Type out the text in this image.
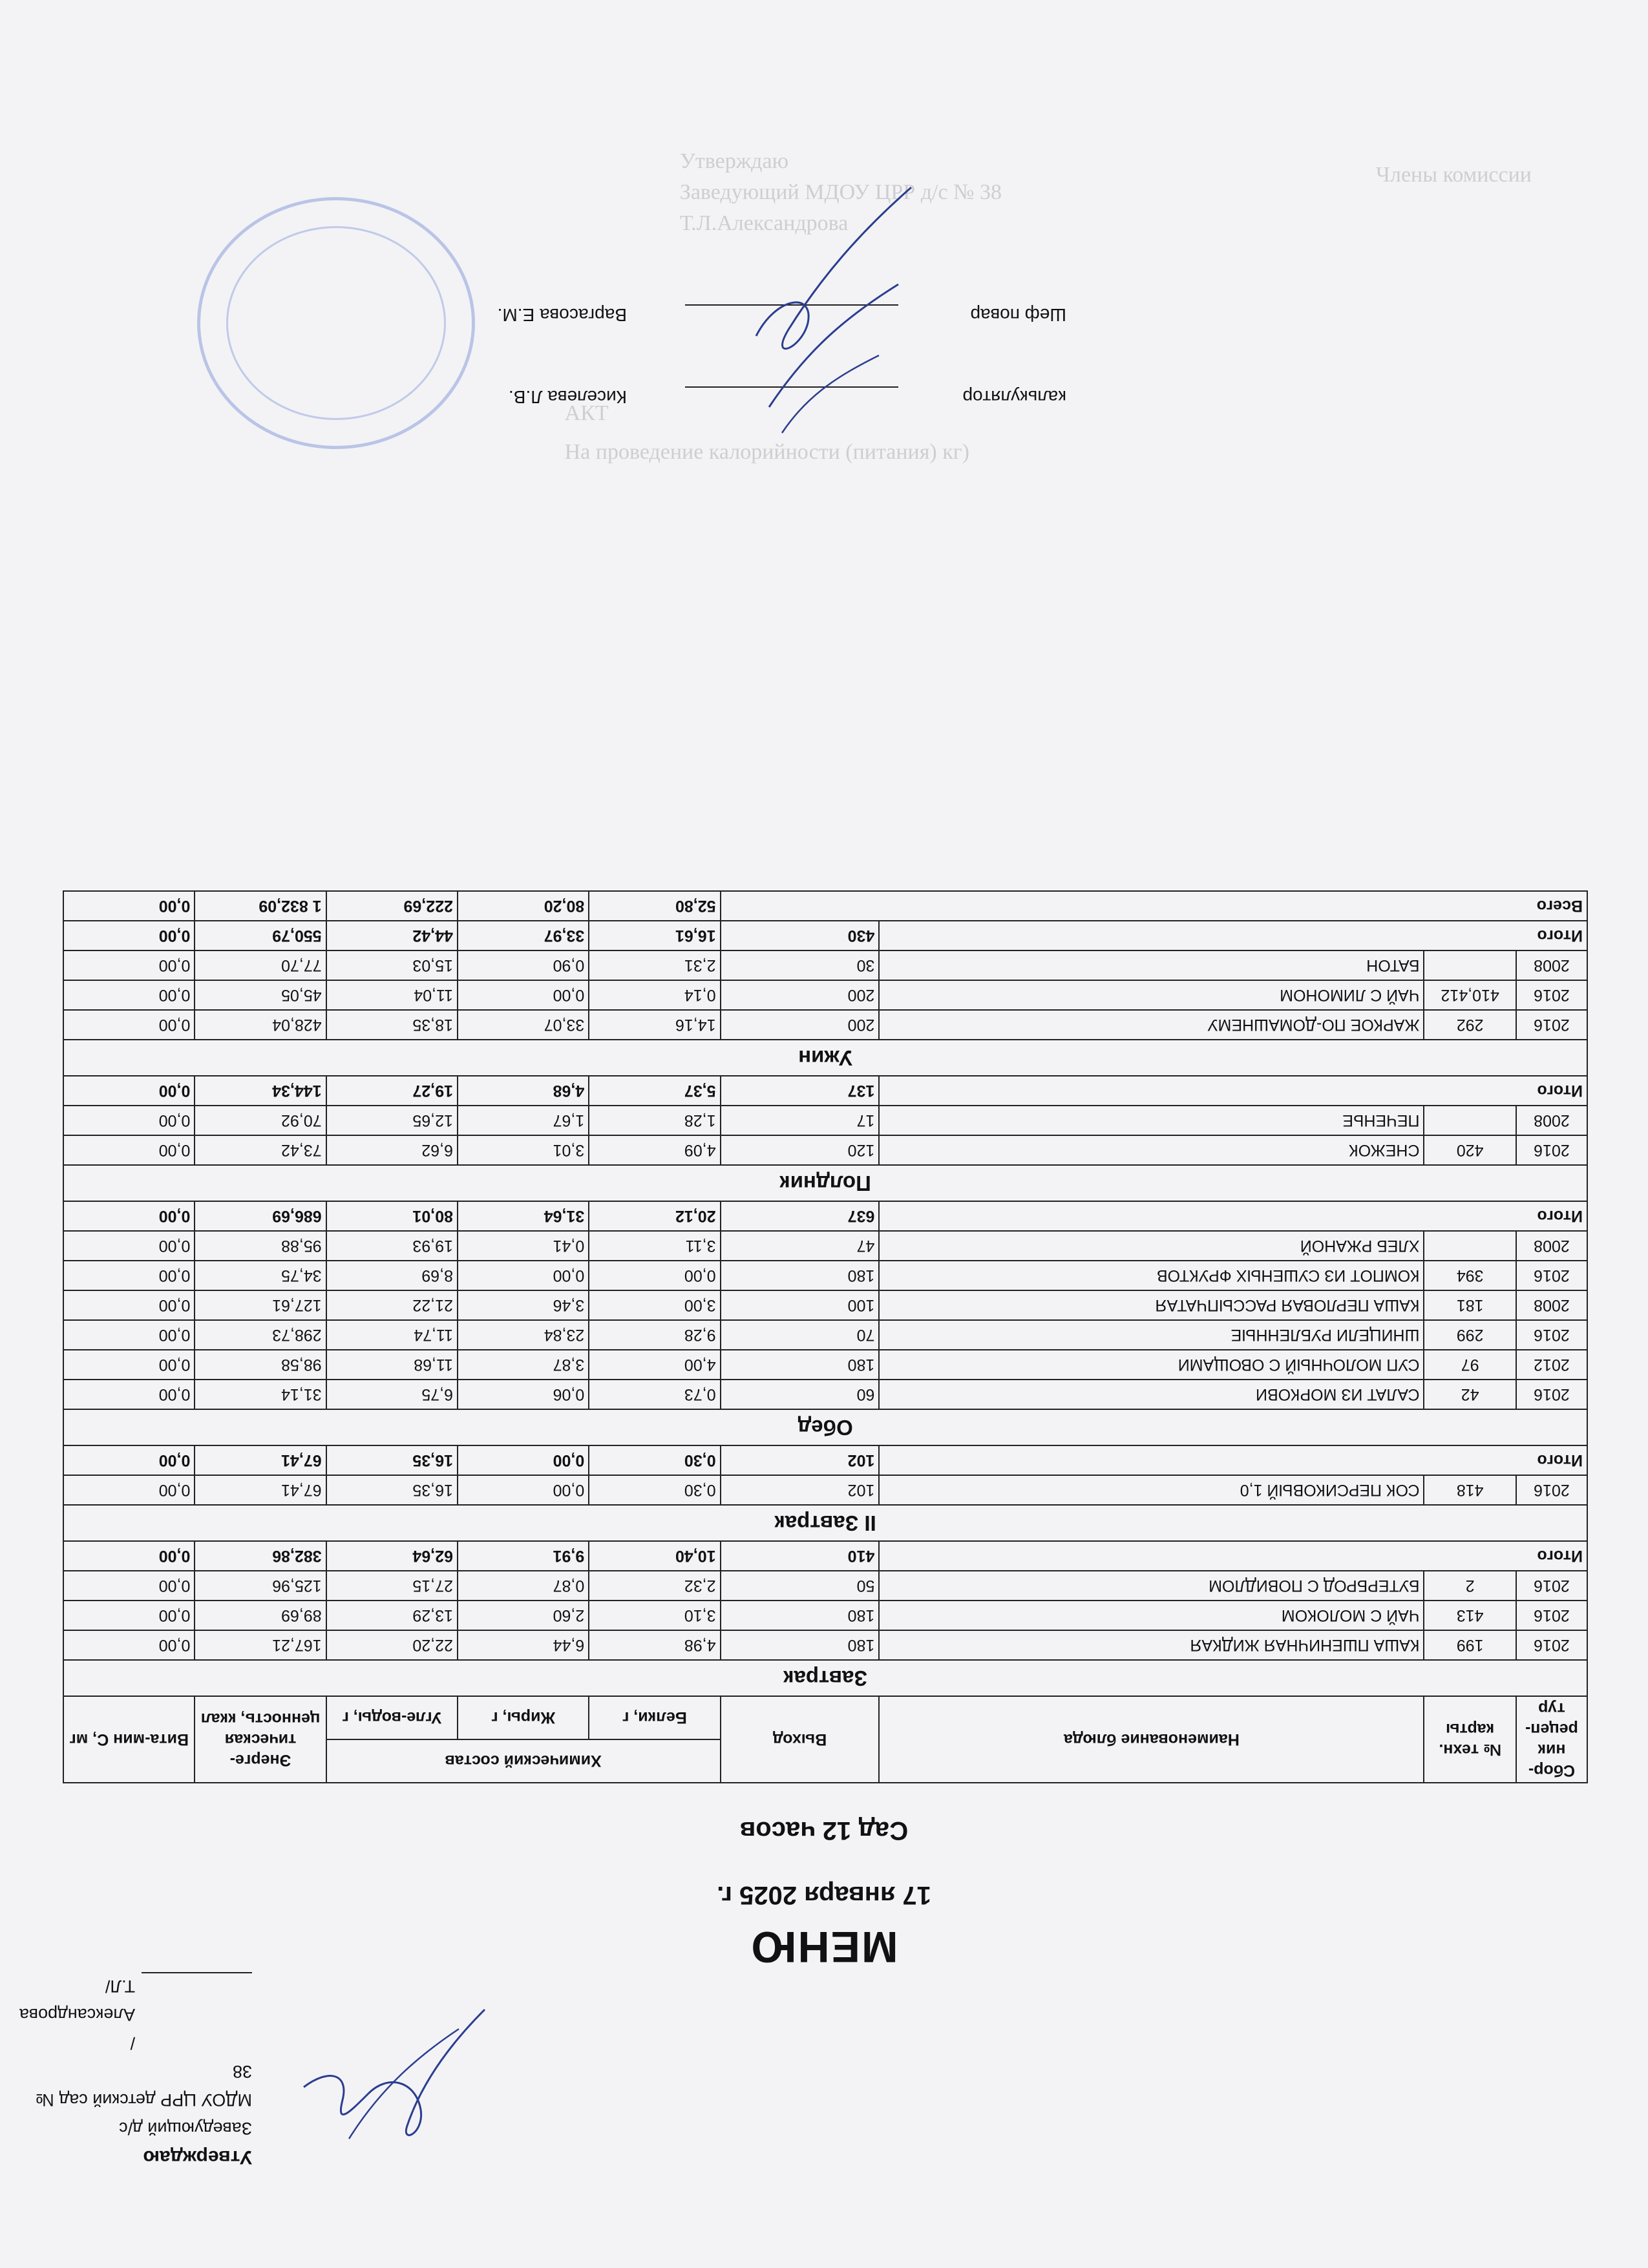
Члены комиссии
Утверждаю
Заведующий МДОУ ЦРР д/с № 38
Т.Л.Александрова
АКТ
На проведение калорийности (питания) кг)
Утверждаю
Заведующий д/с
МДОУ ЦРР детский сад № 38
/Александрова Т.Л/
МЕНЮ
17 января 2025 г.
Сад 12 часов
Сбор-ник рецеп-тур	№ техн. карты	Наименование блюда	Выход	Химический состав			Энерге-тическая ценность, ккал	Вита-мин С, мг
				Белки, г	Жиры, г	Угле-воды, г		
Завтрак								
2016	199	КАША ПШЕНИЧНАЯ ЖИДКАЯ	180	4,98	6,44	22,20	167,21	0,00
2016	413	ЧАЙ С МОЛОКОМ	180	3,10	2,60	13,29	89,69	0,00
2016	2	БУТЕРБРОД С ПОВИДЛОМ	50	2,32	0,87	27,15	125,96	0,00
Итого			410	10,40	9,91	62,64	382,86	0,00
II Завтрак								
2016	418	СОК ПЕРСИКОВЫЙ 1,0	102	0,30	0,00	16,35	67,41	0,00
Итого			102	0,30	0,00	16,35	67,41	0,00
Обед								
2016	42	САЛАТ ИЗ МОРКОВИ	60	0,73	0,06	6,75	31,14	0,00
2012	97	СУП МОЛОЧНЫЙ С ОВОЩАМИ	180	4,00	3,87	11,68	98,58	0,00
2016	299	ШНИЦЕЛИ РУБЛЕННЫЕ	70	9,28	23,84	11,74	298,73	0,00
2008	181	КАША ПЕРЛОВАЯ РАССЫПЧАТАЯ	100	3,00	3,46	21,22	127,61	0,00
2016	394	КОМПОТ ИЗ СУШЕНЫХ ФРУКТОВ	180	0,00	0,00	8,69	34,75	0,00
2008		ХЛЕБ РЖАНОЙ	47	3,11	0,41	19,93	95,88	0,00
Итого			637	20,12	31,64	80,01	686,69	0,00
Полдник								
2016	420	СНЕЖОК	120	4,09	3,01	6,62	73,42	0,00
2008		ПЕЧЕНЬЕ	17	1,28	1,67	12,65	70,92	0,00
Итого			137	5,37	4,68	19,27	144,34	0,00
Ужин								
2016	292	ЖАРКОЕ ПО-ДОМАШНЕМУ	200	14,16	33,07	18,35	428,04	0,00
2016	410,412	ЧАЙ С ЛИМОНОМ	200	0,14	0,00	11,04	45,05	0,00
2008		БАТОН	30	2,31	0,90	15,03	77,70	0,00
Итого			430	16,61	33,97	44,42	550,79	0,00
Всего				52,80	80,20	222,69	1 832,09	0,00
калькулятор
Киселева Л.В.
Шеф повар
Варгасова Е.М.
